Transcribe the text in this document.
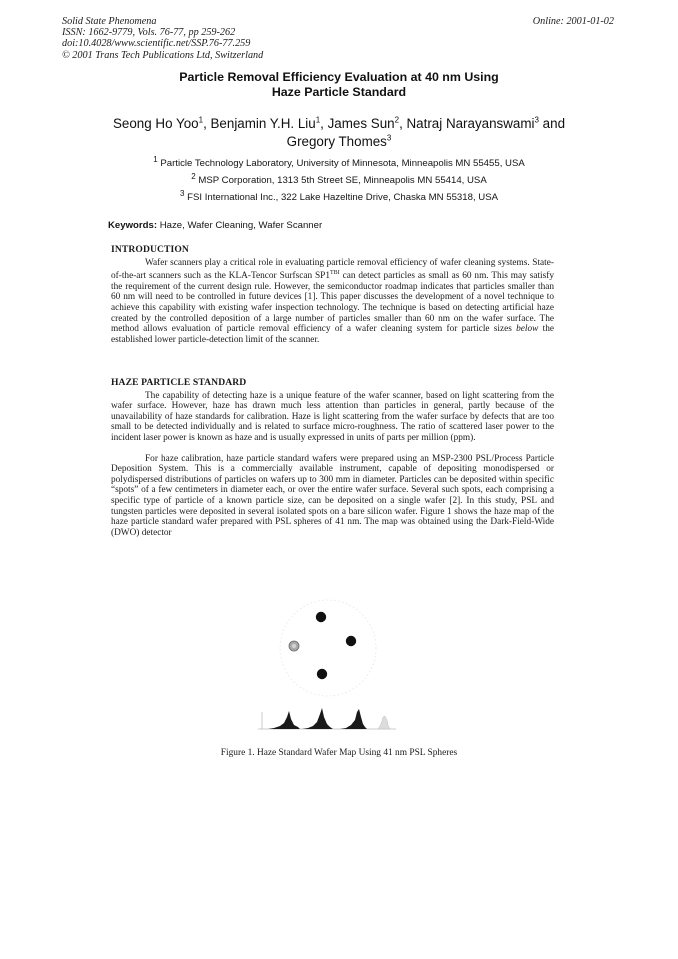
Solid State Phenomena
ISSN: 1662-9779, Vols. 76-77, pp 259-262
doi:10.4028/www.scientific.net/SSP.76-77.259
© 2001 Trans Tech Publications Ltd, Switzerland
Online: 2001-01-02
Particle Removal Efficiency Evaluation at 40 nm Using
Haze Particle Standard
Seong Ho Yoo$^1$, Benjamin Y.H. Liu$^1$, James Sun$^2$, Natraj Narayanswami$^3$ and
Gregory Thomes$^3$
$^1$ Particle Technology Laboratory, University of Minnesota, Minneapolis MN 55455, USA
$^2$ MSP Corporation, 1313 5th Street SE, Minneapolis MN 55414, USA
$^3$ FSI International Inc., 322 Lake Hazeltine Drive, Chaska MN 55318, USA
Keywords: Haze, Wafer Cleaning, Wafer Scanner
INTRODUCTION

Wafer scanners play a critical role in evaluating particle removal efficiency of wafer cleaning systems. State-of-the-art scanners such as the KLA-Tencor Surfscan $SP1^{TBI}$ can detect particles as small as 60 nm. This may satisfy the requirement of the current design rule. However, the semiconductor roadmap indicates that particles smaller than 60 nm will need to be controlled in future devices [1]. This paper discusses the development of a novel technique to achieve this capability with existing wafer inspection technology. The technique is based on detecting artificial haze created by the controlled deposition of a large number of particles smaller than 60 nm on the wafer surface. The method allows evaluation of particle removal efficiency of a wafer cleaning system for particle sizes below the established lower particle-detection limit of the scanner.

HAZE PARTICLE STANDARD

The capability of detecting haze is a unique feature of the wafer scanner, based on light scattering from the wafer surface. However, haze has drawn much less attention than particles in general, partly because of the unavailability of haze standards for calibration. Haze is light scattering from the wafer surface by defects that are too small to be detected individually and is related to surface micro-roughness. The ratio of scattered laser power to the incident laser power is known as haze and is usually expressed in units of parts per million (ppm).

For haze calibration, haze particle standard wafers were prepared using an MSP-2300 PSL/Process Particle Deposition System. This is a commercially available instrument, capable of depositing monodispersed or polydispersed distributions of particles on wafers up to 300 mm in diameter. Particles can be deposited within specific “spots” of a few centimeters in diameter each, or over the entire wafer surface. Several such spots, each comprising a specific type of particle of a known particle size, can be deposited on a single wafer [2]. In this study, PSL and tungsten particles were deposited in several isolated spots on a bare silicon wafer. Figure 1 shows the haze map of the haze particle standard wafer prepared with PSL spheres of 41 nm. The map was obtained using the Dark-Field-Wide (DWO) detector

Figure 1. Haze Standard Wafer Map Using 41 nm PSL Spheres
